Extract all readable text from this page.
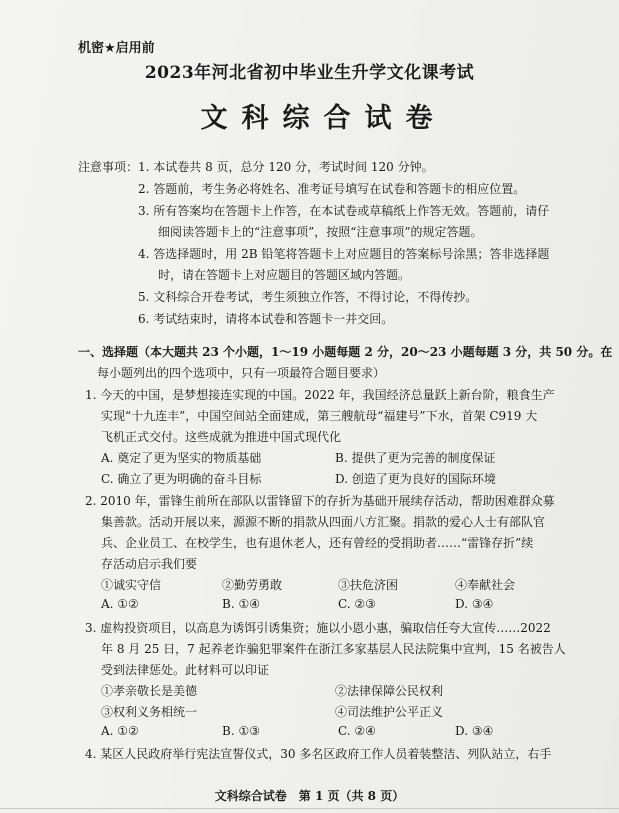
机密★启用前
2023年河北省初中毕业生升学文化课考试
文科综合试卷
注意事项： 1. 本试卷共 8 页，总分 120 分，考试时间 120 分钟。
2. 答题前，考生务必将姓名、准考证号填写在试卷和答题卡的相应位置。
3. 所有答案均在答题卡上作答，在本试卷或草稿纸上作答无效。答题前，请仔
细阅读答题卡上的“注意事项”，按照“注意事项”的规定答题。
4. 答选择题时，用 2B 铅笔将答题卡上对应题目的答案标号涂黑；答非选择题
时，请在答题卡上对应题目的答题区域内答题。
5. 文科综合开卷考试，考生须独立作答，不得讨论，不得传抄。
6. 考试结束时，请将本试卷和答题卡一并交回。
一、选择题（本大题共 23 个小题，1～19 小题每题 2 分，20～23 小题每题 3 分，共 50 分。在
每小题列出的四个选项中，只有一项最符合题目要求）
1. 今天的中国，是梦想接连实现的中国。2022 年，我国经济总量跃上新台阶，粮食生产
实现“十九连丰”，中国空间站全面建成，第三艘航母“福建号”下水，首架 C919 大
飞机正式交付。这些成就为推进中国式现代化
A. 奠定了更为坚实的物质基础	B. 提供了更为完善的制度保证
C. 确立了更为明确的奋斗目标	D. 创造了更为良好的国际环境
2. 2010 年，雷锋生前所在部队以雷锋留下的存折为基础开展续存活动，帮助困难群众募
集善款。活动开展以来，源源不断的捐款从四面八方汇聚。捐款的爱心人士有部队官
兵、企业员工、在校学生，也有退休老人，还有曾经的受捐助者……“雷锋存折”续
存活动启示我们要
①诚实守信	②勤劳勇敢	③扶危济困	④奉献社会
A. ①②	B. ①④	C. ②③	D. ③④
3. 虚构投资项目，以高息为诱饵引诱集资；施以小恩小惠，骗取信任夸大宣传……2022
年 8 月 25 日，7 起养老诈骗犯罪案件在浙江多家基层人民法院集中宣判，15 名被告人
受到法律惩处。此材料可以印证
①孝亲敬长是美德	②法律保障公民权利
③权利义务相统一	④司法维护公平正义
A. ①②	B. ①③	C. ②④	D. ③④
4. 某区人民政府举行宪法宣誓仪式，30 多名区政府工作人员着装整洁、列队站立，右手
文科综合试卷　第 1 页（共 8 页）
